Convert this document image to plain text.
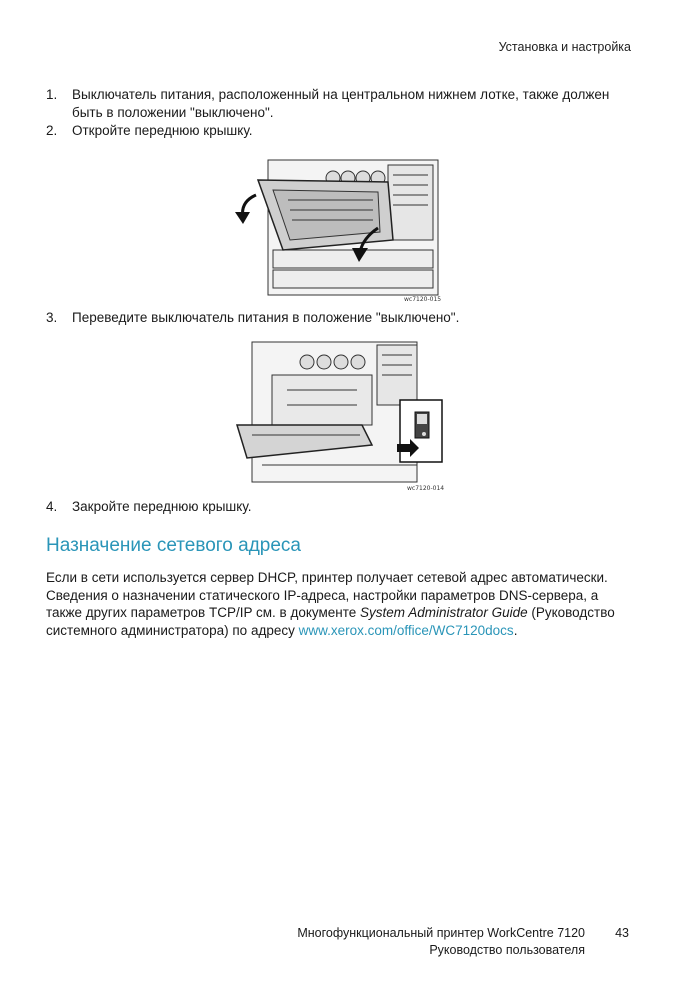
Установка и настройка
1. Выключатель питания, расположенный на центральном нижнем лотке, также должен быть в положении "выключено".
2. Откройте переднюю крышку.
wc7120-015
3. Переведите выключатель питания в положение "выключено".
wc7120-014
4. Закройте переднюю крышку.
Назначение сетевого адреса
Если в сети используется сервер DHCP, принтер получает сетевой адрес автоматически. Сведения о назначении статического IP-адреса, настройки параметров DNS-сервера, а также других параметров TCP/IP см. в документе System Administrator Guide (Руководство системного администратора) по адресу www.xerox.com/office/WC7120docs.
Многофункциональный принтер WorkCentre 7120
Руководство пользователя
43
